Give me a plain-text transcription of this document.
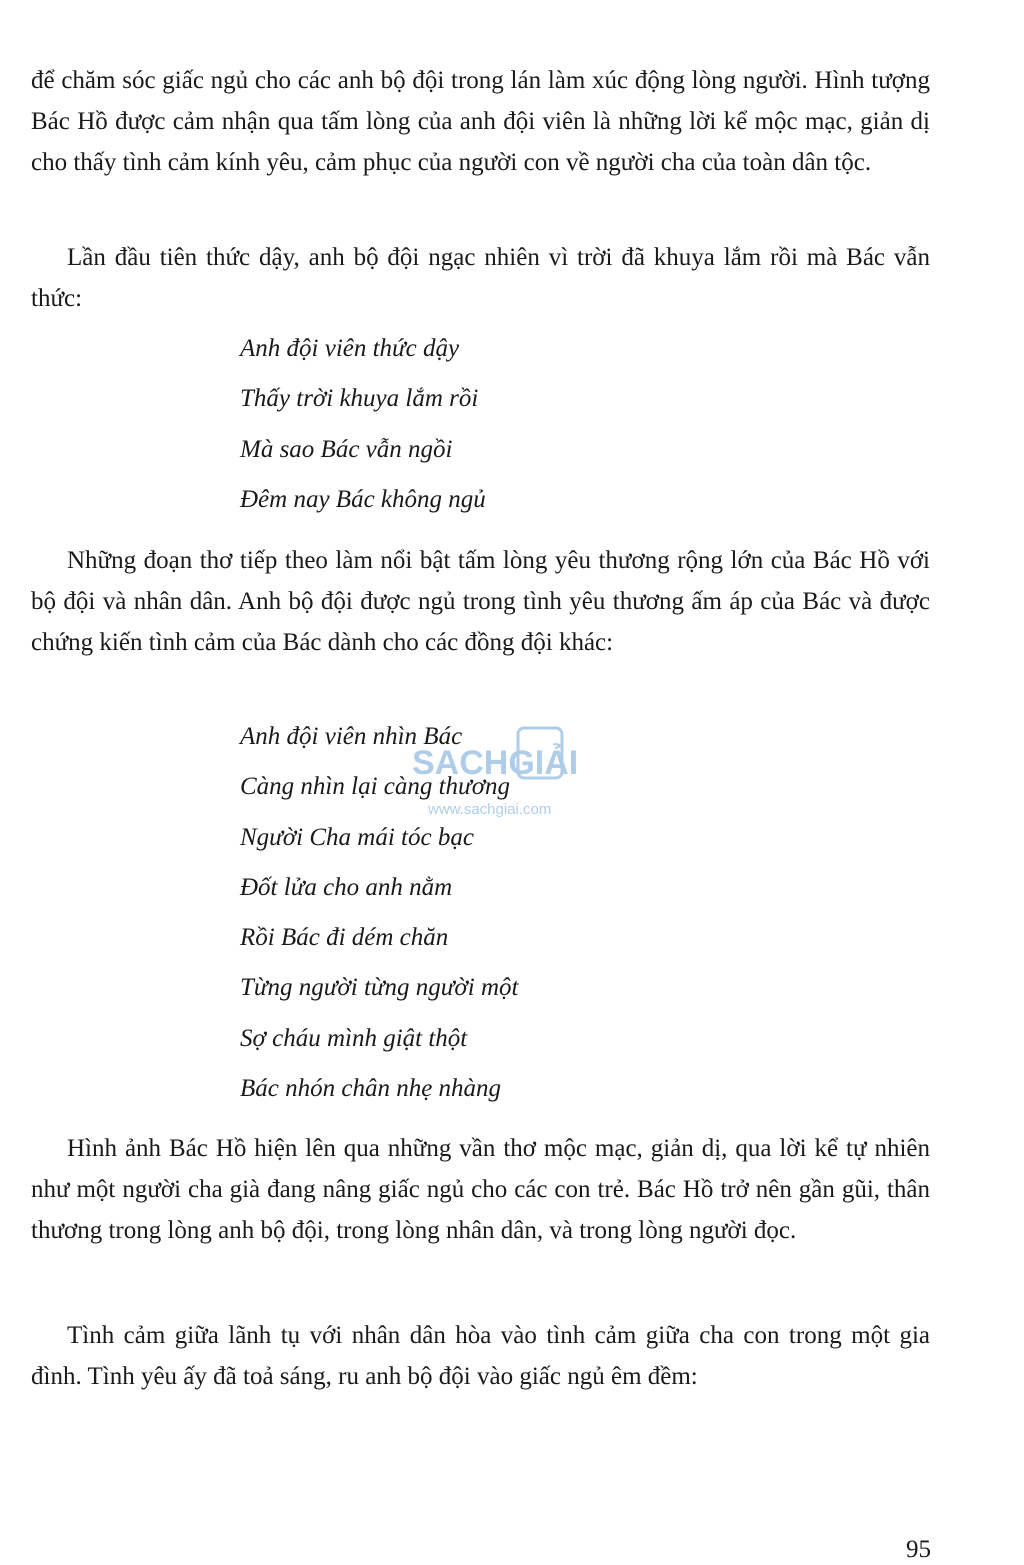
để chăm sóc giấc ngủ cho các anh bộ đội trong lán làm xúc động lòng người. Hình tượng Bác Hồ được cảm nhận qua tấm lòng của anh đội viên là những lời kể mộc mạc, giản dị cho thấy tình cảm kính yêu, cảm phục của người con về người cha của toàn dân tộc.

Lần đầu tiên thức dậy, anh bộ đội ngạc nhiên vì trời đã khuya lắm rồi mà Bác vẫn thức:

Anh đội viên thức dậy
Thấy trời khuya lắm rồi
Mà sao Bác vẫn ngồi
Đêm nay Bác không ngủ

Những đoạn thơ tiếp theo làm nổi bật tấm lòng yêu thương rộng lớn của Bác Hồ với bộ đội và nhân dân. Anh bộ đội được ngủ trong tình yêu thương ấm áp của Bác và được chứng kiến tình cảm của Bác dành cho các đồng đội khác:

Anh đội viên nhìn Bác
Càng nhìn lại càng thương
Người Cha mái tóc bạc
Đốt lửa cho anh nằm
Rồi Bác đi dém chăn
Từng người từng người một
Sợ cháu mình giật thột
Bác nhón chân nhẹ nhàng

Hình ảnh Bác Hồ hiện lên qua những vần thơ mộc mạc, giản dị, qua lời kể tự nhiên như một người cha già đang nâng giấc ngủ cho các con trẻ. Bác Hồ trở nên gần gũi, thân thương trong lòng anh bộ đội, trong lòng nhân dân, và trong lòng người đọc.

Tình cảm giữa lãnh tụ với nhân dân hòa vào tình cảm giữa cha con trong một gia đình. Tình yêu ấy đã toả sáng, ru anh bộ đội vào giấc ngủ êm đềm:

SACHGIẢI
www.sachgiai.com
95
